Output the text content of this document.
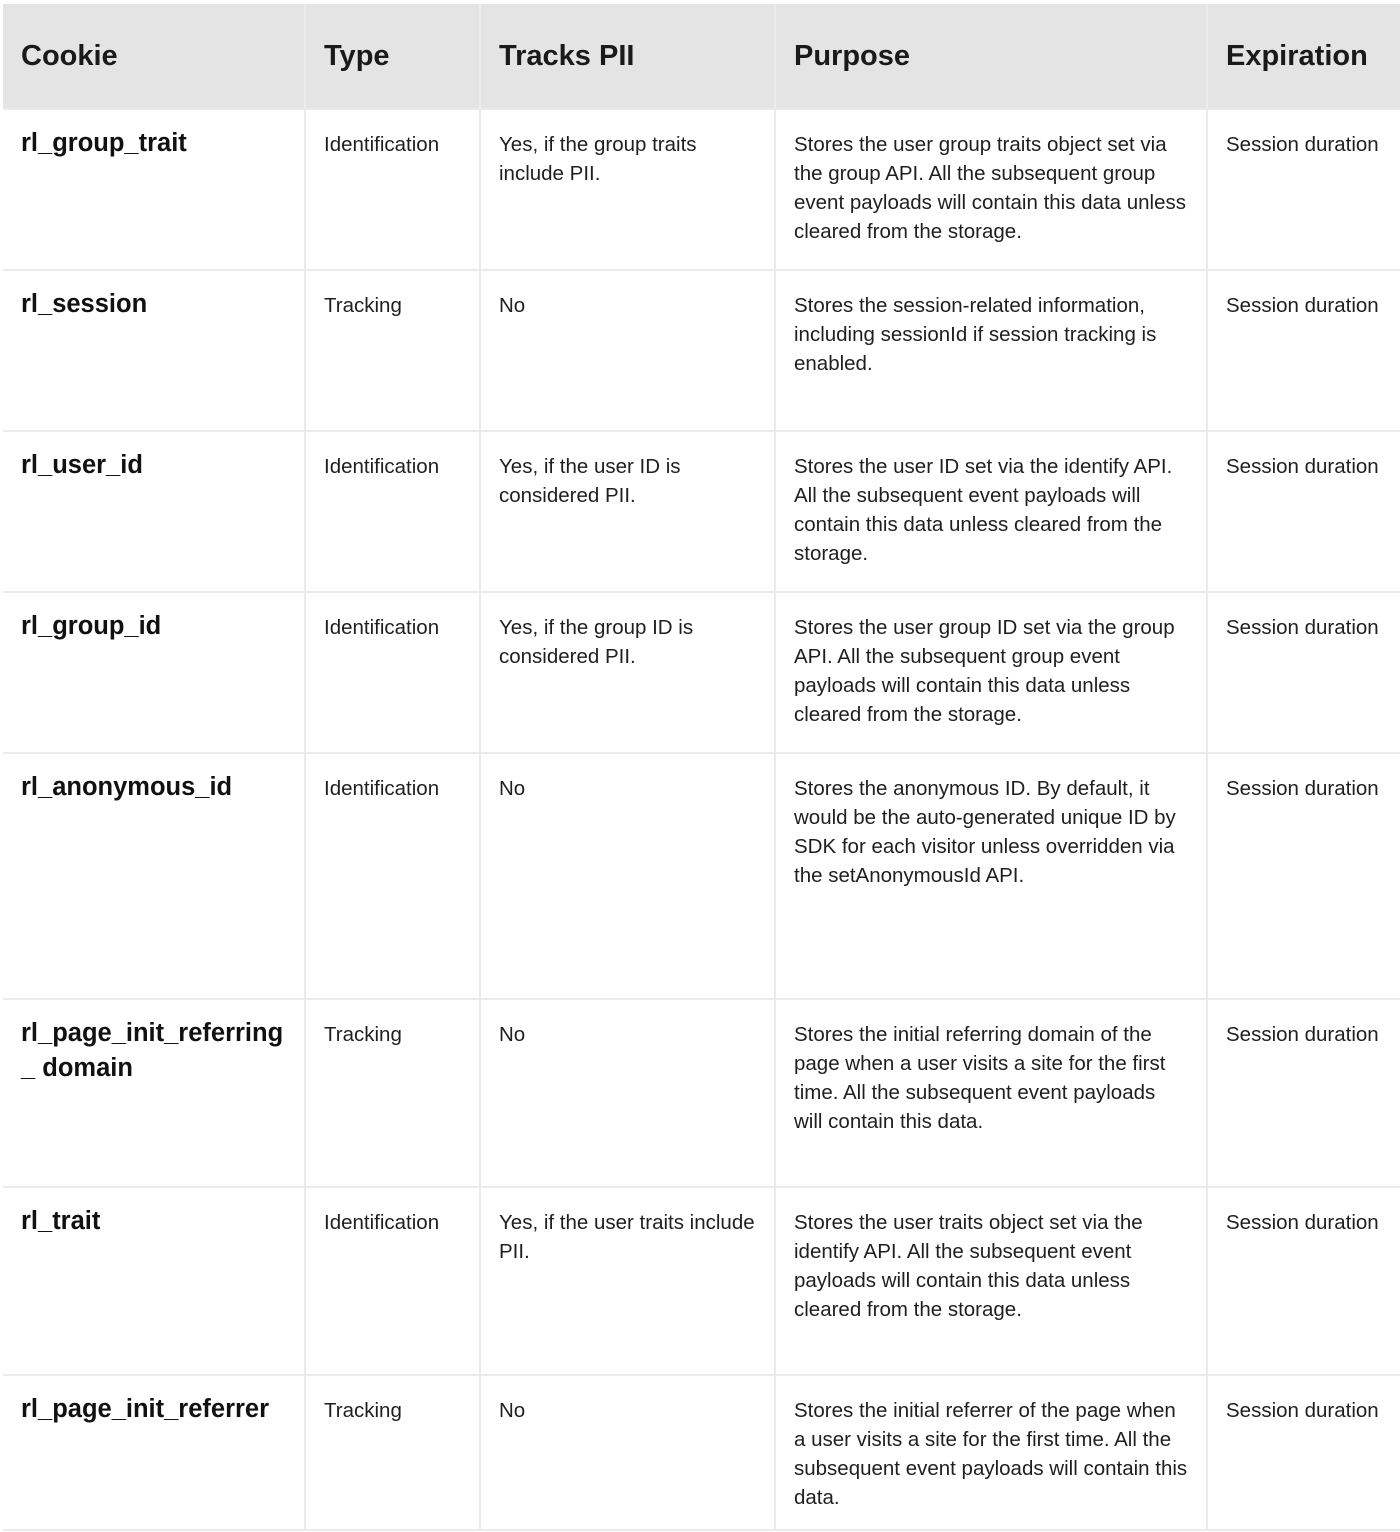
Cookie	Type	Tracks PII	Purpose	Expiration
rl_group_trait	Identification	Yes, if the group traits include PII.	Stores the user group traits object set via the group API. All the subsequent group event payloads will contain this data unless cleared from the storage.	Session duration
rl_session	Tracking	No	Stores the session-related information, including sessionId if session tracking is enabled.	Session duration
rl_user_id	Identification	Yes, if the user ID is considered PII.	Stores the user ID set via the identify API. All the subsequent event payloads will contain this data unless cleared from the storage.	Session duration
rl_group_id	Identification	Yes, if the group ID is considered PII.	Stores the user group ID set via the group API. All the subsequent group event payloads will contain this data unless cleared from the storage.	Session duration
rl_anonymous_id	Identification	No	Stores the anonymous ID. By default, it would be the auto-generated unique ID by SDK for each visitor unless overridden via the setAnonymousId API.	Session duration
rl_page_init_referring_ domain	Tracking	No	Stores the initial referring domain of the page when a user visits a site for the first time. All the subsequent event payloads will contain this data.	Session duration
rl_trait	Identification	Yes, if the user traits include PII.	Stores the user traits object set via the identify API. All the subsequent event payloads will contain this data unless cleared from the storage.	Session duration
rl_page_init_referrer	Tracking	No	Stores the initial referrer of the page when a user visits a site for the first time. All the subsequent event payloads will contain this data.	Session duration
